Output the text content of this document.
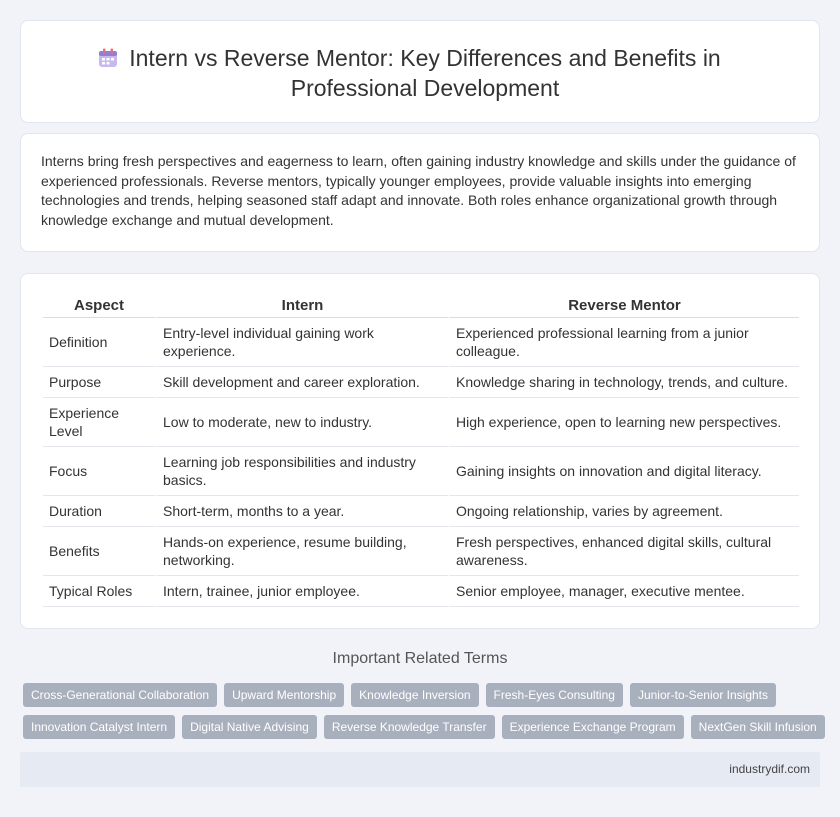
Intern vs Reverse Mentor: Key Differences and Benefits in Professional Development

Interns bring fresh perspectives and eagerness to learn, often gaining industry knowledge and skills under the guidance of experienced professionals. Reverse mentors, typically younger employees, provide valuable insights into emerging technologies and trends, helping seasoned staff adapt and innovate. Both roles enhance organizational growth through knowledge exchange and mutual development.

Aspect	Intern	Reverse Mentor
Definition	Entry-level individual gaining work experience.	Experienced professional learning from a junior colleague.
Purpose	Skill development and career exploration.	Knowledge sharing in technology, trends, and culture.
Experience Level	Low to moderate, new to industry.	High experience, open to learning new perspectives.
Focus	Learning job responsibilities and industry basics.	Gaining insights on innovation and digital literacy.
Duration	Short-term, months to a year.	Ongoing relationship, varies by agreement.
Benefits	Hands-on experience, resume building, networking.	Fresh perspectives, enhanced digital skills, cultural awareness.
Typical Roles	Intern, trainee, junior employee.	Senior employee, manager, executive mentee.
Important Related Terms
Cross-Generational Collaboration	Upward Mentorship	Knowledge Inversion	Fresh-Eyes Consulting	Junior-to-Senior Insights
Innovation Catalyst Intern	Digital Native Advising	Reverse Knowledge Transfer	Experience Exchange Program	NextGen Skill Infusion
industrydif.com
